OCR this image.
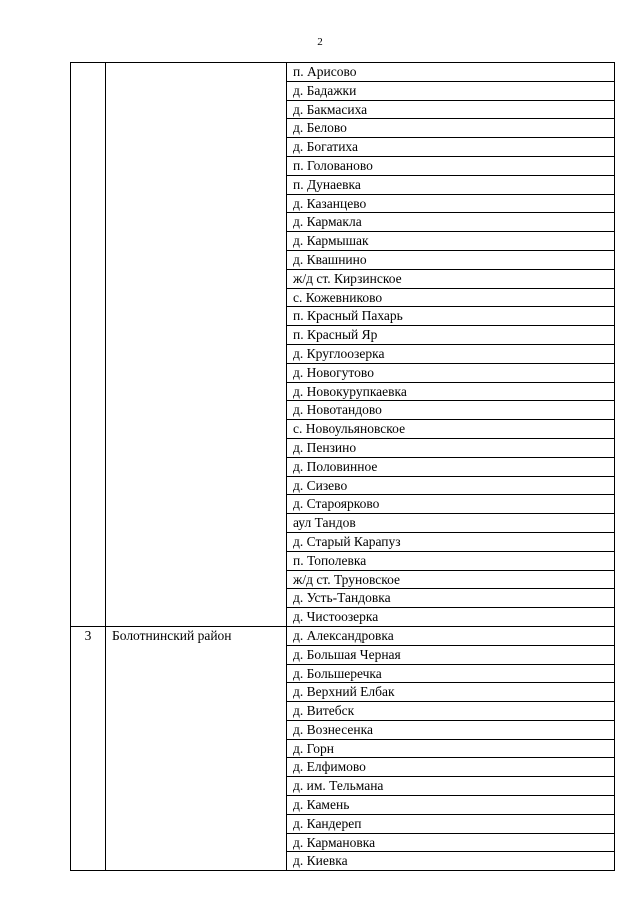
2

		п. Арисово

		д. Бадажки

		д. Бакмасиха

		д. Белово

		д. Богатиха

		п. Голованово

		п. Дунаевка

		д. Казанцево

		д. Кармакла

		д. Кармышак

		д. Квашнино

		ж/д ст. Кирзинское

		с. Кожевниково

		п. Красный Пахарь

		п. Красный Яр

		д. Круглоозерка

		д. Новогутово

		д. Новокурупкаевка

		д. Новотандово

		с. Новоульяновское

		д. Пензино

		д. Половинное

		д. Сизево

		д. Староярково

		аул Тандов

		д. Старый Карапуз

		п. Тополевка

		ж/д ст. Труновское

		д. Усть-Тандовка

		д. Чистоозерка

3	Болотнинский район	д. Александровка

		д. Большая Черная

		д. Большеречка

		д. Верхний Елбак

		д. Витебск

		д. Вознесенка

		д. Горн

		д. Елфимово

		д. им. Тельмана

		д. Камень

		д. Кандереп

		д. Кармановка

		д. Киевка
